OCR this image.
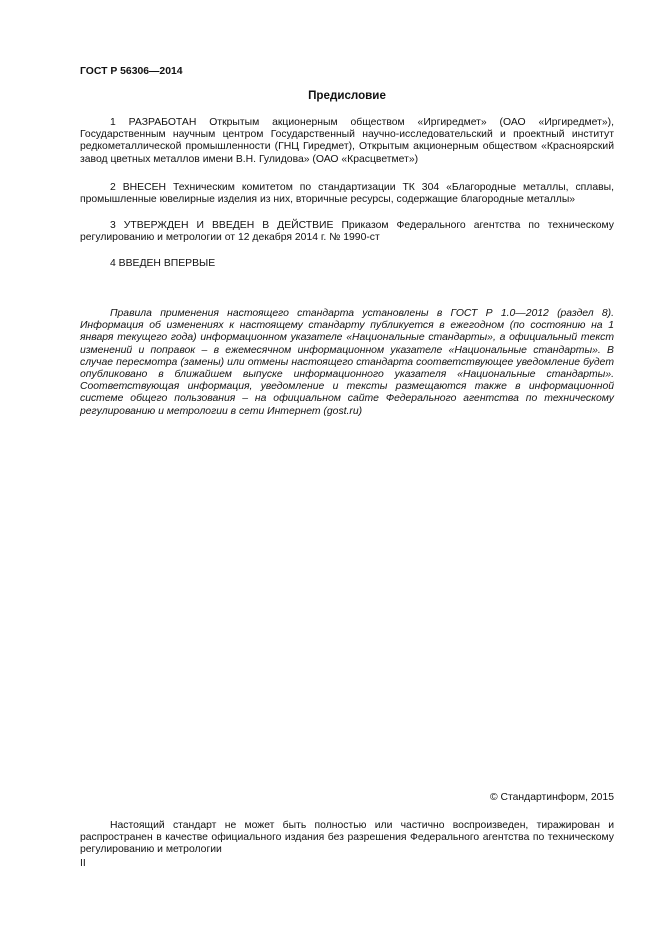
ГОСТ Р 56306—2014
Предисловие
1 РАЗРАБОТАН Открытым акционерным обществом «Иргиредмет» (ОАО «Иргиредмет»), Государственным научным центром Государственный научно-исследовательский и проектный институт редкометаллической промышленности (ГНЦ Гиредмет), Открытым акционерным обществом «Красноярский завод цветных металлов имени В.Н. Гулидова» (ОАО «Красцветмет»)
2 ВНЕСЕН Техническим комитетом по стандартизации ТК 304 «Благородные металлы, сплавы, промышленные ювелирные изделия из них, вторичные ресурсы, содержащие благородные металлы»
3 УТВЕРЖДЕН И ВВЕДЕН В ДЕЙСТВИЕ Приказом Федерального агентства по техническому регулированию и метрологии от 12 декабря 2014 г. № 1990-ст
4 ВВЕДЕН ВПЕРВЫЕ
Правила применения настоящего стандарта установлены в ГОСТ Р 1.0—2012 (раздел 8). Информация об изменениях к настоящему стандарту публикуется в ежегодном (по состоянию на 1 января текущего года) информационном указателе «Национальные стандарты», а официальный текст изменений и поправок – в ежемесячном информационном указателе «Национальные стандарты». В случае пересмотра (замены) или отмены настоящего стандарта соответствующее уведомление будет опубликовано в ближайшем выпуске информационного указателя «Национальные стандарты». Соответствующая информация, уведомление и тексты размещаются также в информационной системе общего пользования – на официальном сайте Федерального агентства по техническому регулированию и метрологии в сети Интернет (gost.ru)
© Стандартинформ, 2015
Настоящий стандарт не может быть полностью или частично воспроизведен, тиражирован и распространен в качестве официального издания без разрешения Федерального агентства по техническому регулированию и метрологии
II
